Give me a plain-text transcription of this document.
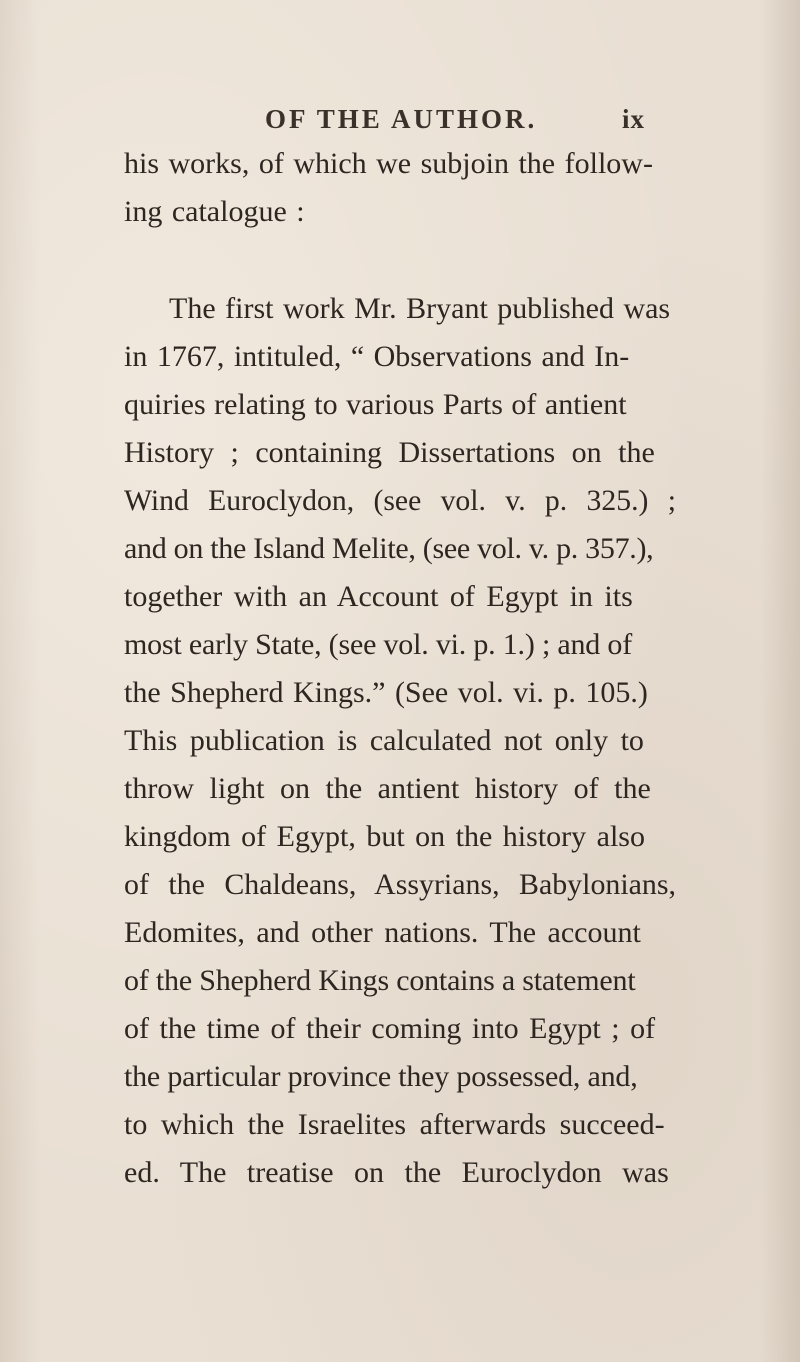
OF THE AUTHOR.	ix
his works, of which we subjoin the follow-
ing catalogue :
The first work Mr. Bryant published was
in 1767, intituled, “ Observations and In-
quiries relating to various Parts of antient
History ; containing Dissertations on the
Wind Euroclydon, (see vol. v. p. 325.) ;
and on the Island Melite, (see vol. v. p. 357.),
together with an Account of Egypt in its
most early State, (see vol. vi. p. 1.) ; and of
the Shepherd Kings.” (See vol. vi. p. 105.)
This publication is calculated not only to
throw light on the antient history of the
kingdom of Egypt, but on the history also
of the Chaldeans, Assyrians, Babylonians,
Edomites, and other nations. The account
of the Shepherd Kings contains a statement
of the time of their coming into Egypt ; of
the particular province they possessed, and,
to which the Israelites afterwards succeed-
ed. The treatise on the Euroclydon was
